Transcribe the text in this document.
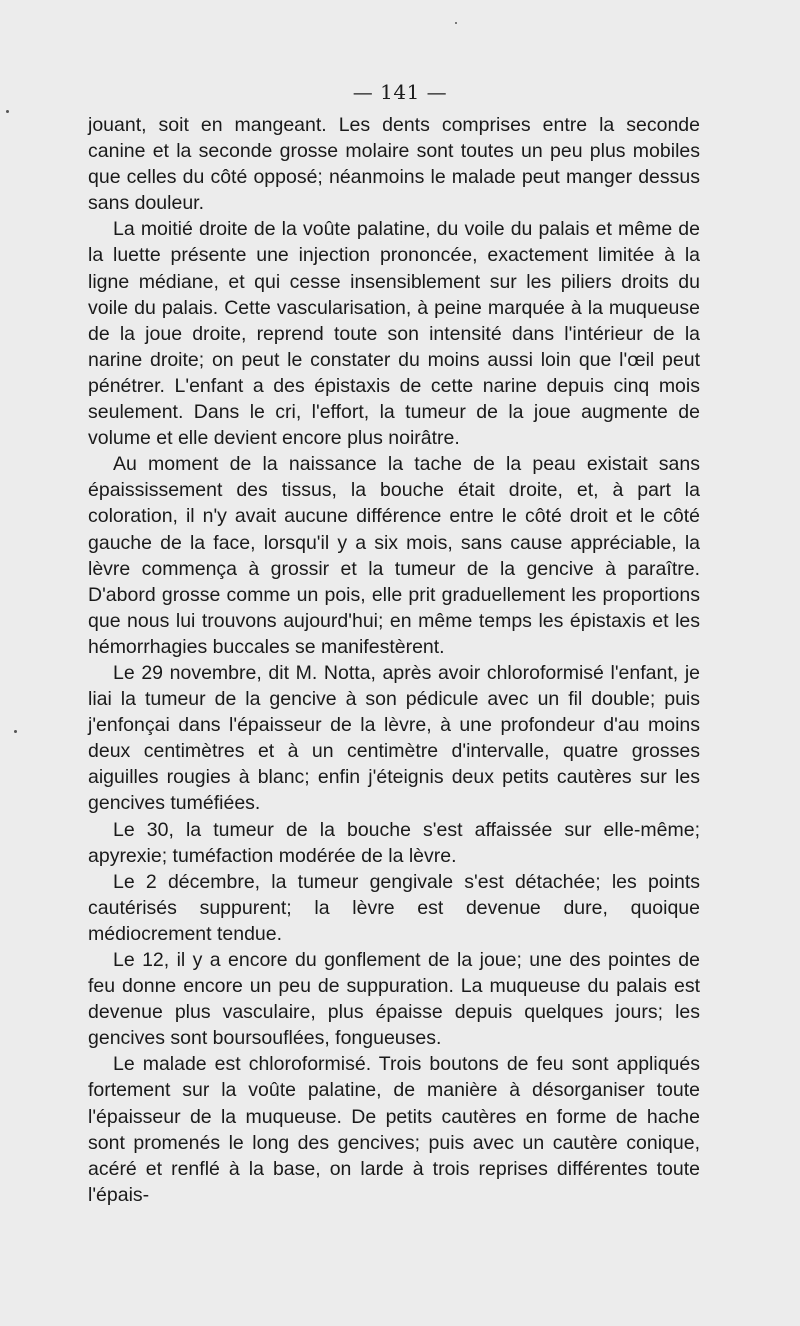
— 141 —

jouant, soit en mangeant. Les dents comprises entre la seconde canine et la seconde grosse molaire sont toutes un peu plus mobiles que celles du côté opposé; néanmoins le malade peut manger dessus sans douleur.

La moitié droite de la voûte palatine, du voile du palais et même de la luette présente une injection prononcée, exactement limitée à la ligne médiane, et qui cesse insensiblement sur les piliers droits du voile du palais. Cette vascularisation, à peine marquée à la muqueuse de la joue droite, reprend toute son intensité dans l'intérieur de la narine droite; on peut le constater du moins aussi loin que l'œil peut pénétrer. L'enfant a des épistaxis de cette narine depuis cinq mois seulement. Dans le cri, l'effort, la tumeur de la joue augmente de volume et elle devient encore plus noirâtre.

Au moment de la naissance la tache de la peau existait sans épaississement des tissus, la bouche était droite, et, à part la coloration, il n'y avait aucune différence entre le côté droit et le côté gauche de la face, lorsqu'il y a six mois, sans cause appréciable, la lèvre commença à grossir et la tumeur de la gencive à paraître. D'abord grosse comme un pois, elle prit graduellement les proportions que nous lui trouvons aujourd'hui; en même temps les épistaxis et les hémorrhagies buccales se manifestèrent.

Le 29 novembre, dit M. Notta, après avoir chloroformisé l'enfant, je liai la tumeur de la gencive à son pédicule avec un fil double; puis j'enfonçai dans l'épaisseur de la lèvre, à une profondeur d'au moins deux centimètres et à un centimètre d'intervalle, quatre grosses aiguilles rougies à blanc; enfin j'éteignis deux petits cautères sur les gencives tuméfiées.

Le 30, la tumeur de la bouche s'est affaissée sur elle-même; apyrexie; tuméfaction modérée de la lèvre.

Le 2 décembre, la tumeur gengivale s'est détachée; les points cautérisés suppurent; la lèvre est devenue dure, quoique médiocrement tendue.

Le 12, il y a encore du gonflement de la joue; une des pointes de feu donne encore un peu de suppuration. La muqueuse du palais est devenue plus vasculaire, plus épaisse depuis quelques jours; les gencives sont boursouflées, fongueuses.

Le malade est chloroformisé. Trois boutons de feu sont appliqués fortement sur la voûte palatine, de manière à désorganiser toute l'épaisseur de la muqueuse. De petits cautères en forme de hache sont promenés le long des gencives; puis avec un cautère conique, acéré et renflé à la base, on larde à trois reprises différentes toute l'épais-
